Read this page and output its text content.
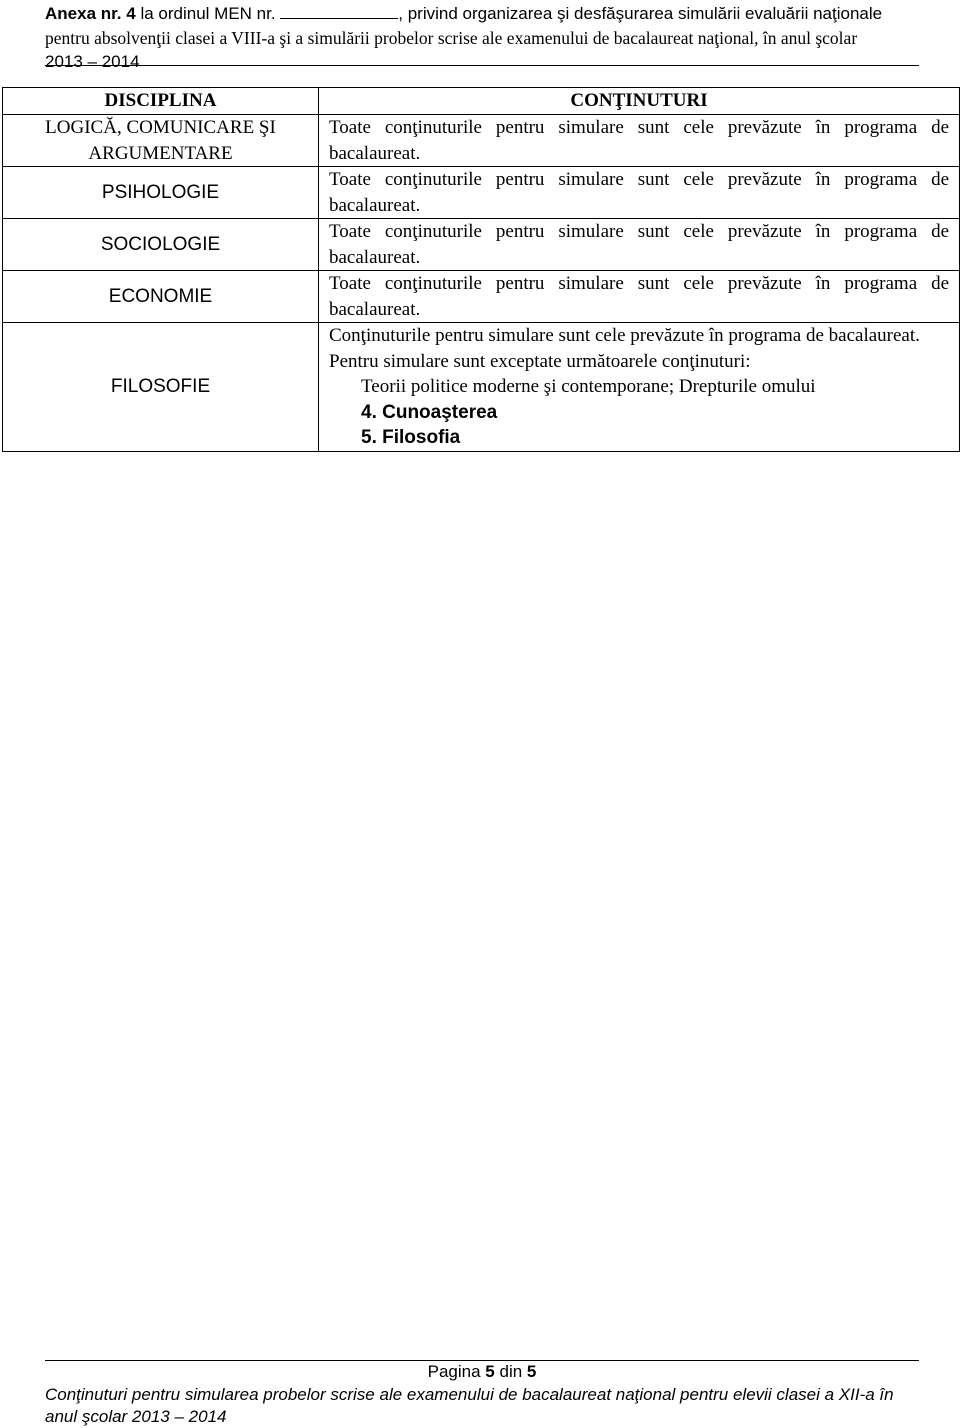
Anexa nr. 4 la ordinul MEN nr.	, privind organizarea şi desfăşurarea simulării evaluării naţionale
pentru absolvenţii clasei a VIII-a şi a simulării probelor scrise ale examenului de bacalaureat naţional, în anul şcolar
2013 – 2014
DISCIPLINA	CONŢINUTURI
LOGICĂ, COMUNICARE ŞI ARGUMENTARE	Toate conţinuturile pentru simulare sunt cele prevăzute în programa de bacalaureat.
PSIHOLOGIE	Toate conţinuturile pentru simulare sunt cele prevăzute în programa de bacalaureat.
SOCIOLOGIE	Toate conţinuturile pentru simulare sunt cele prevăzute în programa de bacalaureat.
ECONOMIE	Toate conţinuturile pentru simulare sunt cele prevăzute în programa de bacalaureat.
FILOSOFIE	Conţinuturile pentru simulare sunt cele prevăzute în programa de bacalaureat.
Pentru simulare sunt exceptate următoarele conţinuturi:
Teorii politice moderne şi contemporane; Drepturile omului
4. Cunoaşterea
5. Filosofia
Pagina 5 din 5
Conţinuturi pentru simularea probelor scrise ale examenului de bacalaureat naţional pentru elevii clasei a XII-a în anul şcolar 2013 – 2014
